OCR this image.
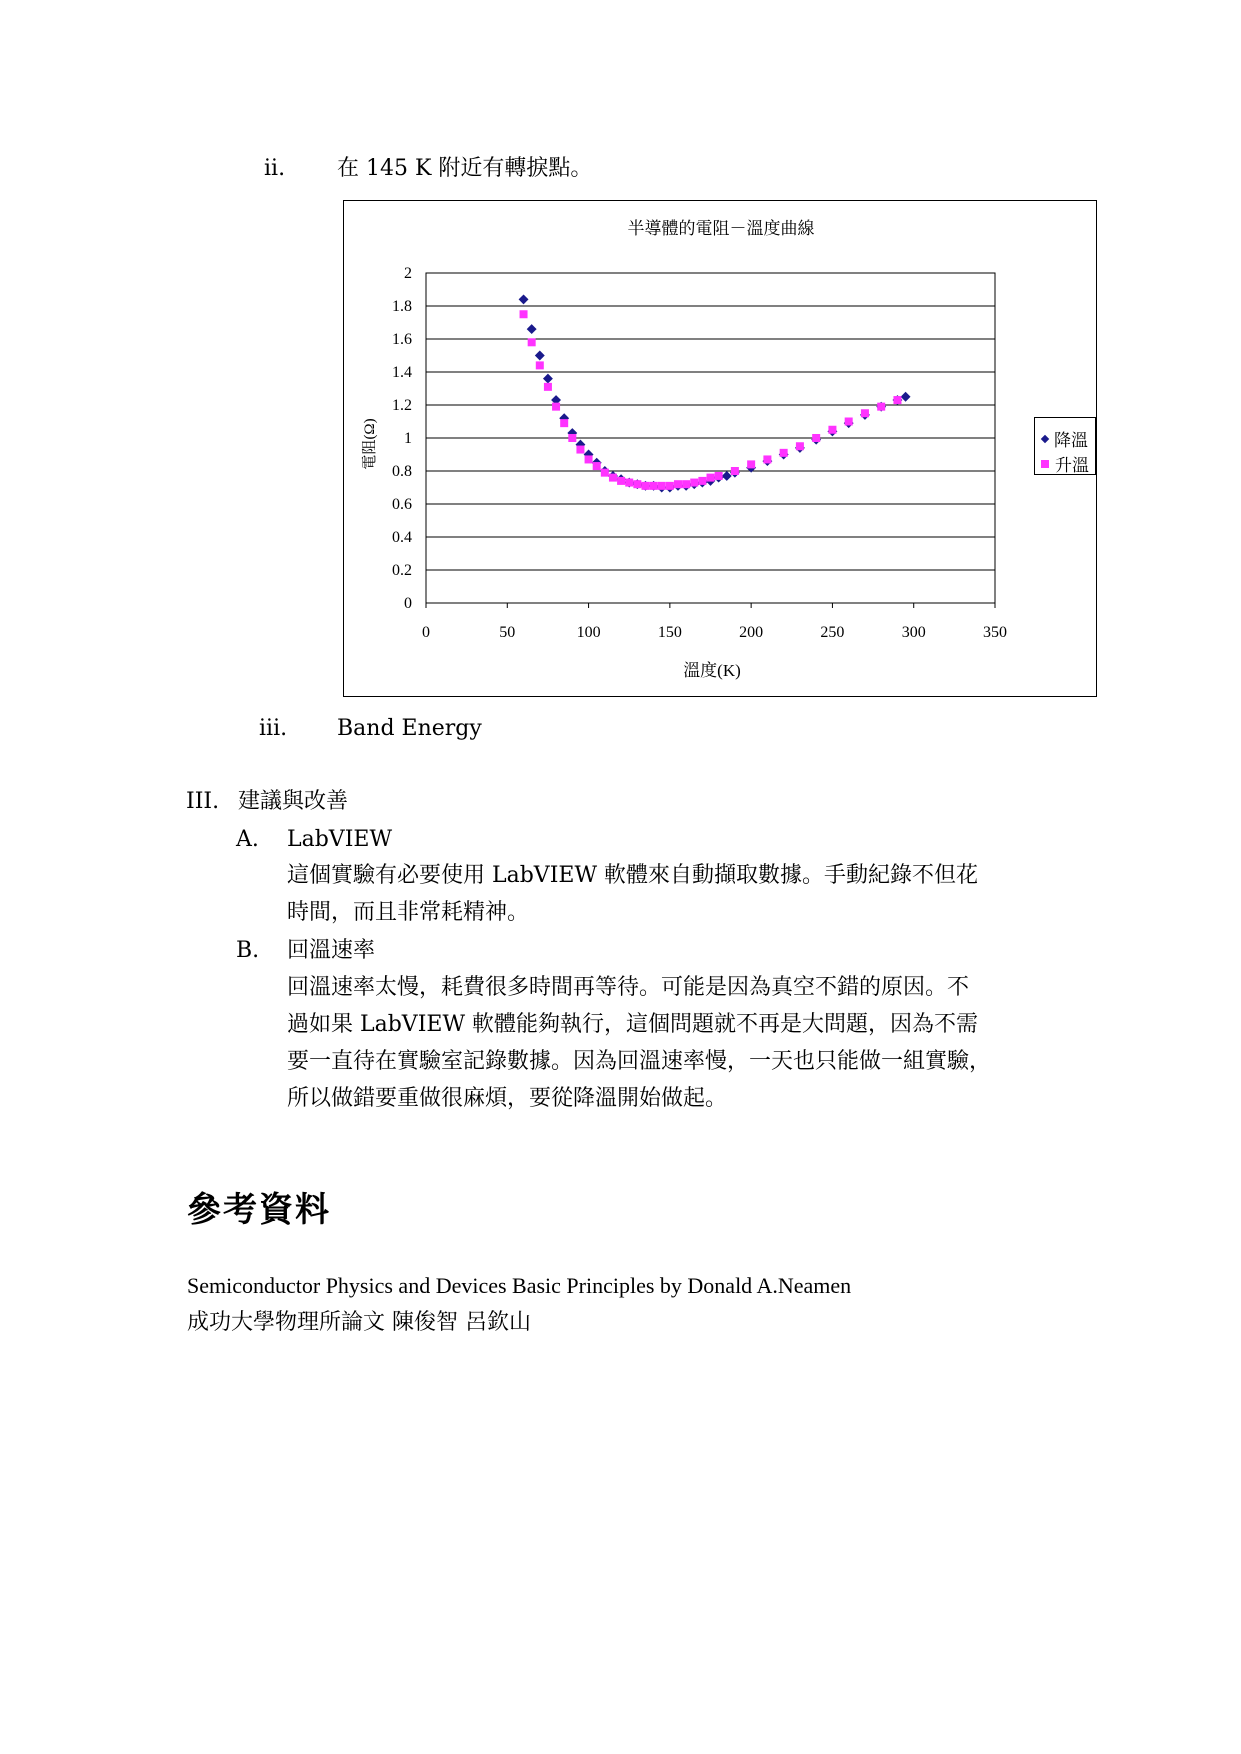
ii. 在 145 K 附近有轉捩點。
半導體的電阻－溫度曲線
0
0.2
0.4
0.6
0.8
1
1.2
1.4
1.6
1.8
2
0	50	100	150	200	250	300	350
溫度(K)
電阻(Ω)	降溫
升溫
iii. Band Energy
III. 建議與改善
A. LabVIEW
這個實驗有必要使用 LabVIEW 軟體來自動擷取數據。手動紀錄不但花
時間，而且非常耗精神。
B. 回溫速率
回溫速率太慢，耗費很多時間再等待。可能是因為真空不錯的原因。不
過如果 LabVIEW 軟體能夠執行，這個問題就不再是大問題，因為不需
要一直待在實驗室記錄數據。因為回溫速率慢，一天也只能做一組實驗，
所以做錯要重做很麻煩，要從降溫開始做起。
參考資料
Semiconductor Physics and Devices Basic Principles by Donald A.Neamen
成功大學物理所論文 陳俊智 呂欽山
